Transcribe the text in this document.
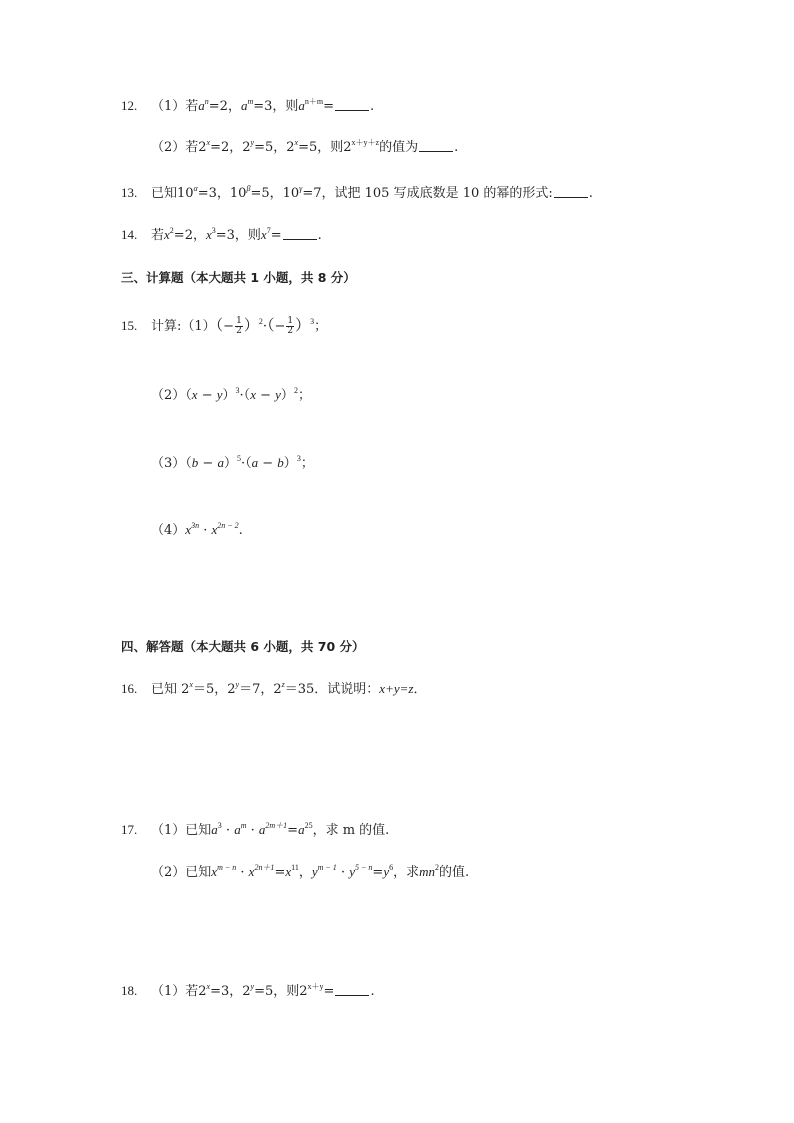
12. （1）若$a^n=2$，$a^m=3$，则$a^{n+m}=$	.
（2）若$2^x=2$，$2^y=5$，$2^x=5$，则$2^{x+y+z}$的值为	.
13. 已知$10^\alpha=3$，$10^\beta=5$，$10^\gamma=7$，试把 105 写成底数是 10 的幂的形式:	.
14. 若$x^2=2$，$x^3=3$，则$x^7=$	.
三、计算题（本大题共 1 小题，共 8 分）
15. 计算:（1）（− $\frac{1}{2} )^2\cdot(- \frac{1}{2} )^3$；
$(2)(x - y)^3\cdot(x - y)^2$；
$(3)(b - a)^5\cdot(a - b)^3$；
$(4)x^{3n} \cdot x^{2n - 2}$.
四、解答题（本大题共 6 小题，共 70 分）
16. 已知 $2^x=5$，$2^y=7$，$2^z=35$．试说明：x+y=z．
17. （1）已知$a^3 \cdot a^m \cdot a^{2m+1}=a^{25}$，求 m 的值.
（2）已知$x^{m - n} \cdot x^{2n+1}=x^{11}$，$y^{m - 1} \cdot y^{5 - n}=y^6$，求$mn^2$的值.
18. （1）若$2^x=3$，$2^y=5$，则$2^{x+y}=$	.
